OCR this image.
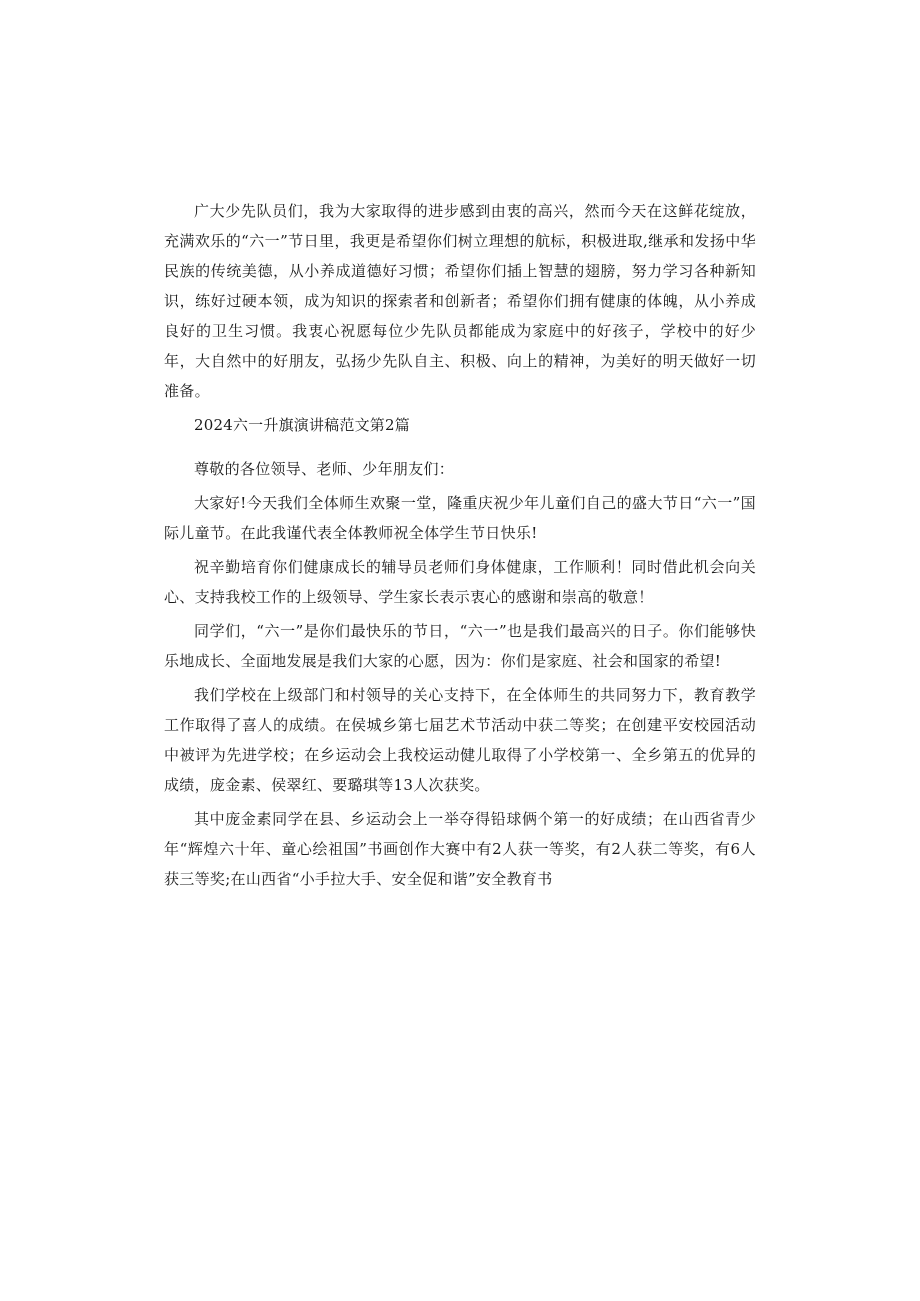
广大少先队员们，我为大家取得的进步感到由衷的高兴，然而今天在这鲜花绽放，充满欢乐的“六一”节日里，我更是希望你们树立理想的航标，积极进取,继承和发扬中华民族的传统美德，从小养成道德好习惯；希望你们插上智慧的翅膀，努力学习各种新知识，练好过硬本领，成为知识的探索者和创新者；希望你们拥有健康的体魄，从小养成良好的卫生习惯。我衷心祝愿每位少先队员都能成为家庭中的好孩子，学校中的好少年，大自然中的好朋友，弘扬少先队自主、积极、向上的精神，为美好的明天做好一切准备。

2024六一升旗演讲稿范文第2篇

尊敬的各位领导、老师、少年朋友们：

大家好!今天我们全体师生欢聚一堂，隆重庆祝少年儿童们自己的盛大节日“六一”国际儿童节。在此我谨代表全体教师祝全体学生节日快乐!

祝辛勤培育你们健康成长的辅导员老师们身体健康，工作顺利！同时借此机会向关心、支持我校工作的上级领导、学生家长表示衷心的感谢和崇高的敬意！

同学们，“六一”是你们最快乐的节日，“六一”也是我们最高兴的日子。你们能够快乐地成长、全面地发展是我们大家的心愿，因为：你们是家庭、社会和国家的希望!

我们学校在上级部门和村领导的关心支持下，在全体师生的共同努力下，教育教学工作取得了喜人的成绩。在侯城乡第七届艺术节活动中获二等奖；在创建平安校园活动中被评为先进学校；在乡运动会上我校运动健儿取得了小学校第一、全乡第五的优异的成绩，庞金素、侯翠红、要璐琪等13人次获奖。

其中庞金素同学在县、乡运动会上一举夺得铅球俩个第一的好成绩；在山西省青少年“辉煌六十年、童心绘祖国”书画创作大赛中有2人获一等奖，有2人获二等奖，有6人获三等奖;在山西省“小手拉大手、安全促和谐”安全教育书
